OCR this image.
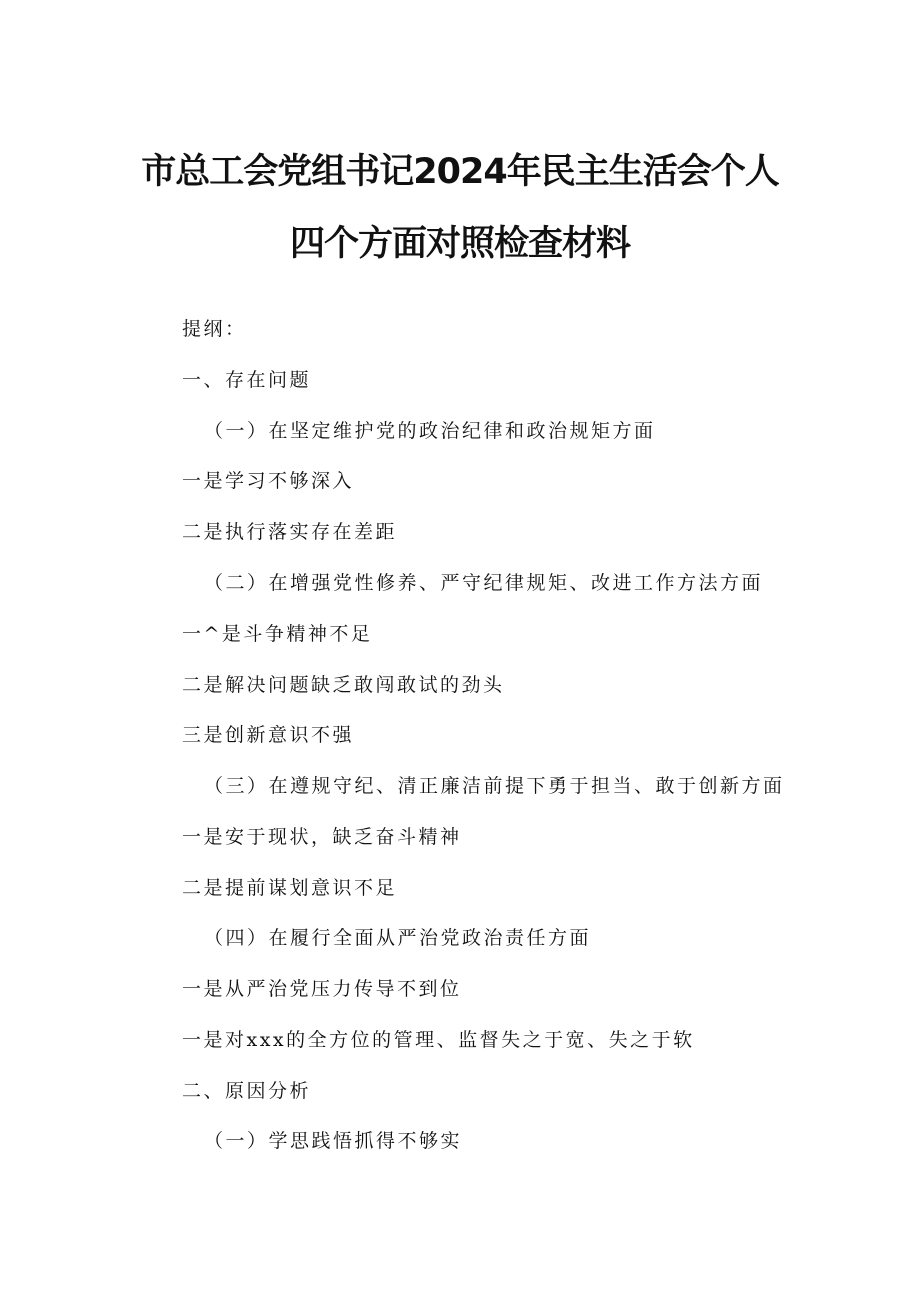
市总工会党组书记2024年民主生活会个人
四个方面对照检查材料
提纲：
一、存在问题
（一）在坚定维护党的政治纪律和政治规矩方面
一是学习不够深入
二是执行落实存在差距
（二）在增强党性修养、严守纪律规矩、改进工作方法方面
一^是斗争精神不足
二是解决问题缺乏敢闯敢试的劲头
三是创新意识不强
（三）在遵规守纪、清正廉洁前提下勇于担当、敢于创新方面
一是安于现状，缺乏奋斗精神
二是提前谋划意识不足
（四）在履行全面从严治党政治责任方面
一是从严治党压力传导不到位
一是对xxx的全方位的管理、监督失之于宽、失之于软
二、原因分析
（一）学思践悟抓得不够实
